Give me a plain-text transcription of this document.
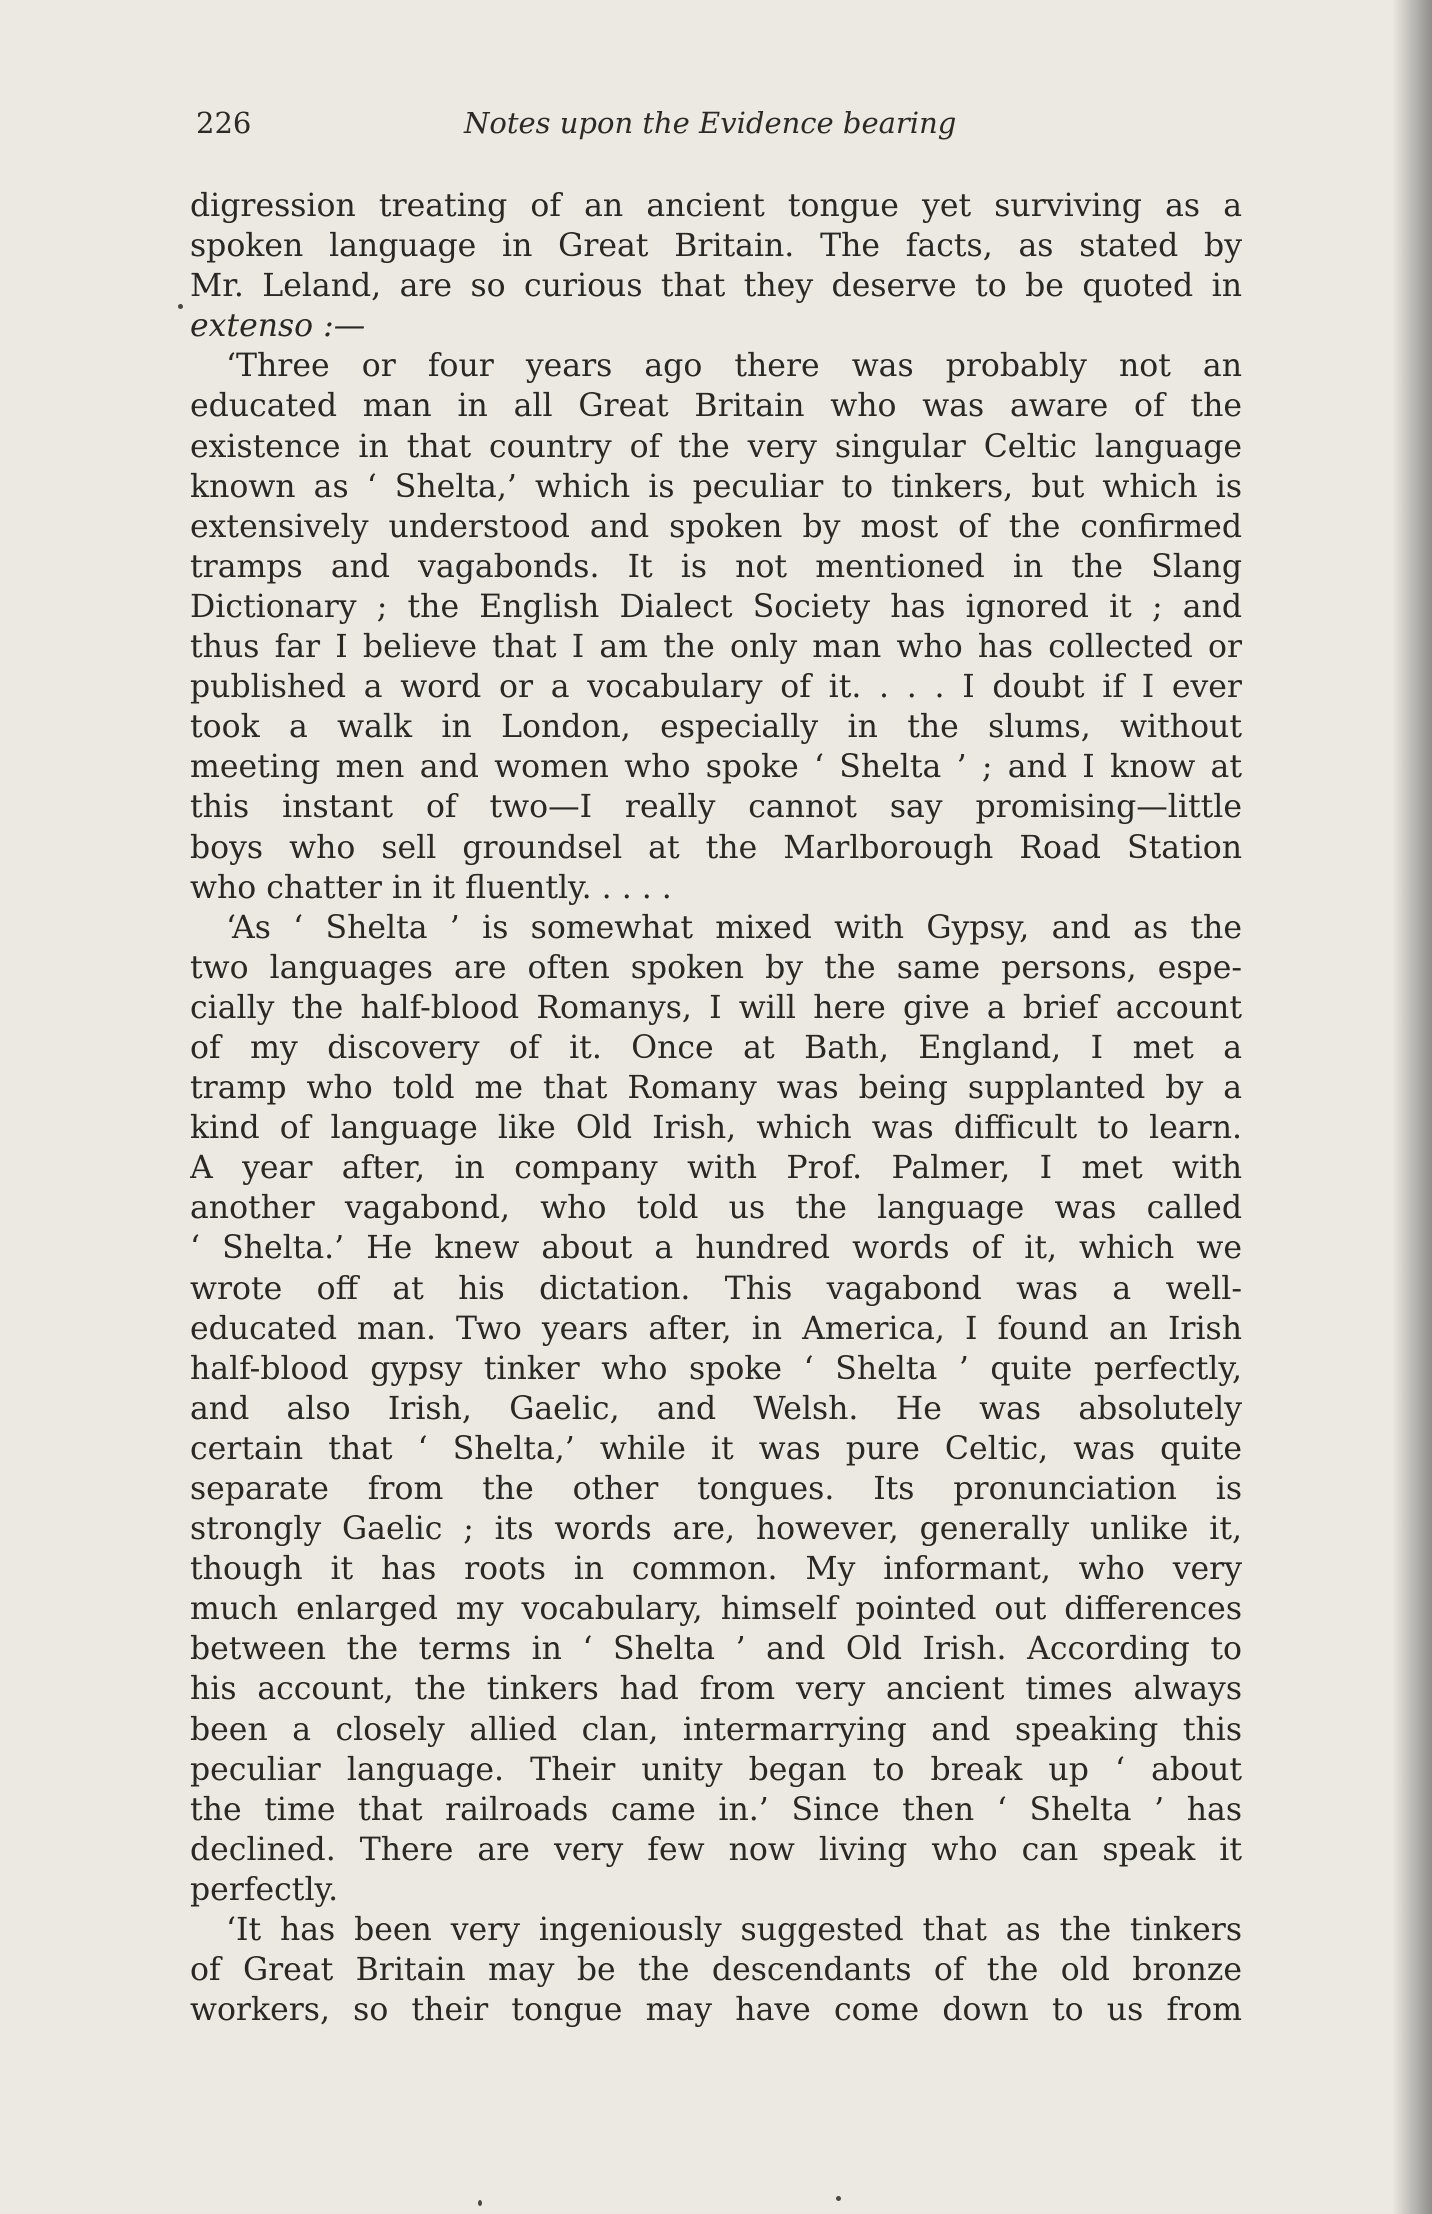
226	Notes upon the Evidence bearing
digression treating of an ancient tongue yet surviving as a
spoken language in Great Britain. The facts, as stated by
Mr. Leland, are so curious that they deserve to be quoted in
extenso :—
‘Three or four years ago there was probably not an
educated man in all Great Britain who was aware of the
existence in that country of the very singular Celtic language
known as ‘ Shelta,’ which is peculiar to tinkers, but which is
extensively understood and spoken by most of the confirmed
tramps and vagabonds. It is not mentioned in the Slang
Dictionary ; the English Dialect Society has ignored it ; and
thus far I believe that I am the only man who has collected or
published a word or a vocabulary of it. . . . I doubt if I ever
took a walk in London, especially in the slums, without
meeting men and women who spoke ‘ Shelta ’ ; and I know at
this instant of two—I really cannot say promising—little
boys who sell groundsel at the Marlborough Road Station
who chatter in it fluently. . . . .
‘As ‘ Shelta ’ is somewhat mixed with Gypsy, and as the
two languages are often spoken by the same persons, espe-
cially the half-blood Romanys, I will here give a brief account
of my discovery of it. Once at Bath, England, I met a
tramp who told me that Romany was being supplanted by a
kind of language like Old Irish, which was difficult to learn.
A year after, in company with Prof. Palmer, I met with
another vagabond, who told us the language was called
‘ Shelta.’ He knew about a hundred words of it, which we
wrote off at his dictation. This vagabond was a well-
educated man. Two years after, in America, I found an Irish
half-blood gypsy tinker who spoke ‘ Shelta ’ quite perfectly,
and also Irish, Gaelic, and Welsh. He was absolutely
certain that ‘ Shelta,’ while it was pure Celtic, was quite
separate from the other tongues. Its pronunciation is
strongly Gaelic ; its words are, however, generally unlike it,
though it has roots in common. My informant, who very
much enlarged my vocabulary, himself pointed out differences
between the terms in ‘ Shelta ’ and Old Irish. According to
his account, the tinkers had from very ancient times always
been a closely allied clan, intermarrying and speaking this
peculiar language. Their unity began to break up ‘ about
the time that railroads came in.’ Since then ‘ Shelta ’ has
declined. There are very few now living who can speak it
perfectly.
‘It has been very ingeniously suggested that as the tinkers
of Great Britain may be the descendants of the old bronze
workers, so their tongue may have come down to us from
